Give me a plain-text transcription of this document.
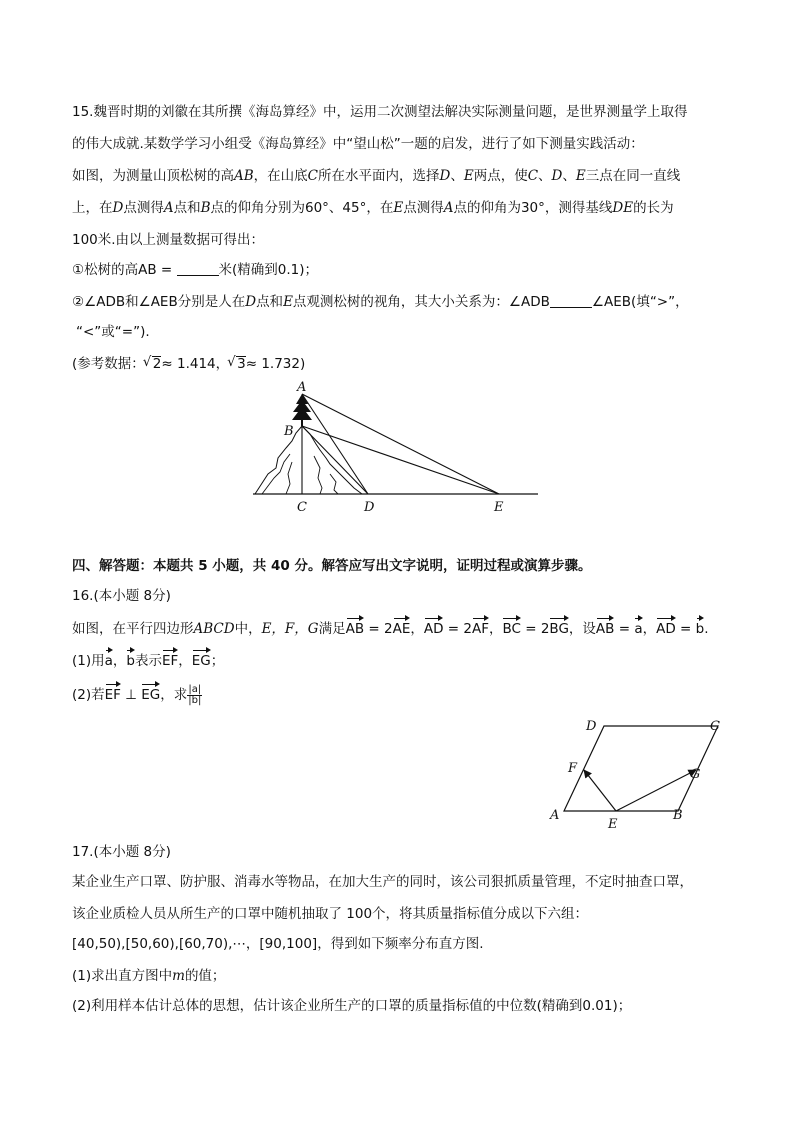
15.魏晋时期的刘徽在其所撰《海岛算经》中，运用二次测望法解决实际测量问题，是世界测量学上取得
的伟大成就.某数学学习小组受《海岛算经》中“望山松”一题的启发，进行了如下测量实践活动：
如图，为测量山顶松树的高AB，在山底C所在水平面内，选择D、E两点，使C、D、E三点在同一直线
上，在D点测得A点和B点的仰角分别为60°、45°，在E点测得A点的仰角为30°，测得基线DE的长为
100米.由以上测量数据可得出：
①松树的高AB =	米(精确到0.1)；
②∠ADB和∠AEB分别是人在D点和E点观测松树的视角，其大小关系为：∠ADB	∠AEB(填“>”，
“<”或“=”).
(参考数据： √ 2≈ 1.414， √ 3≈ 1.732)
A
B
C	D	E
四、解答题：本题共 5 小题，共 40 分。解答应写出文字说明，证明过程或演算步骤。
16.(本小题 8分)
如图，在平行四边形ABCD中，E，F，G满足AB = 2AE，AD = 2AF，BC = 2BG，设AB = a，AD = b.
(1)用a，b表示EF，EG；
(2)若EF ⊥ EG，求 $\frac{|a|}{|b|}$
A	B
C
D
E
F	G
17.(本小题 8分)
某企业生产口罩、防护服、消毒水等物品，在加大生产的同时，该公司狠抓质量管理，不定时抽查口罩，
该企业质检人员从所生产的口罩中随机抽取了 100个，将其质量指标值分成以下六组：
[40,50),[50,60),[60,70),⋯，[90,100]，得到如下频率分布直方图.
(1)求出直方图中m的值；
(2)利用样本估计总体的思想，估计该企业所生产的口罩的质量指标值的中位数(精确到0.01)；
